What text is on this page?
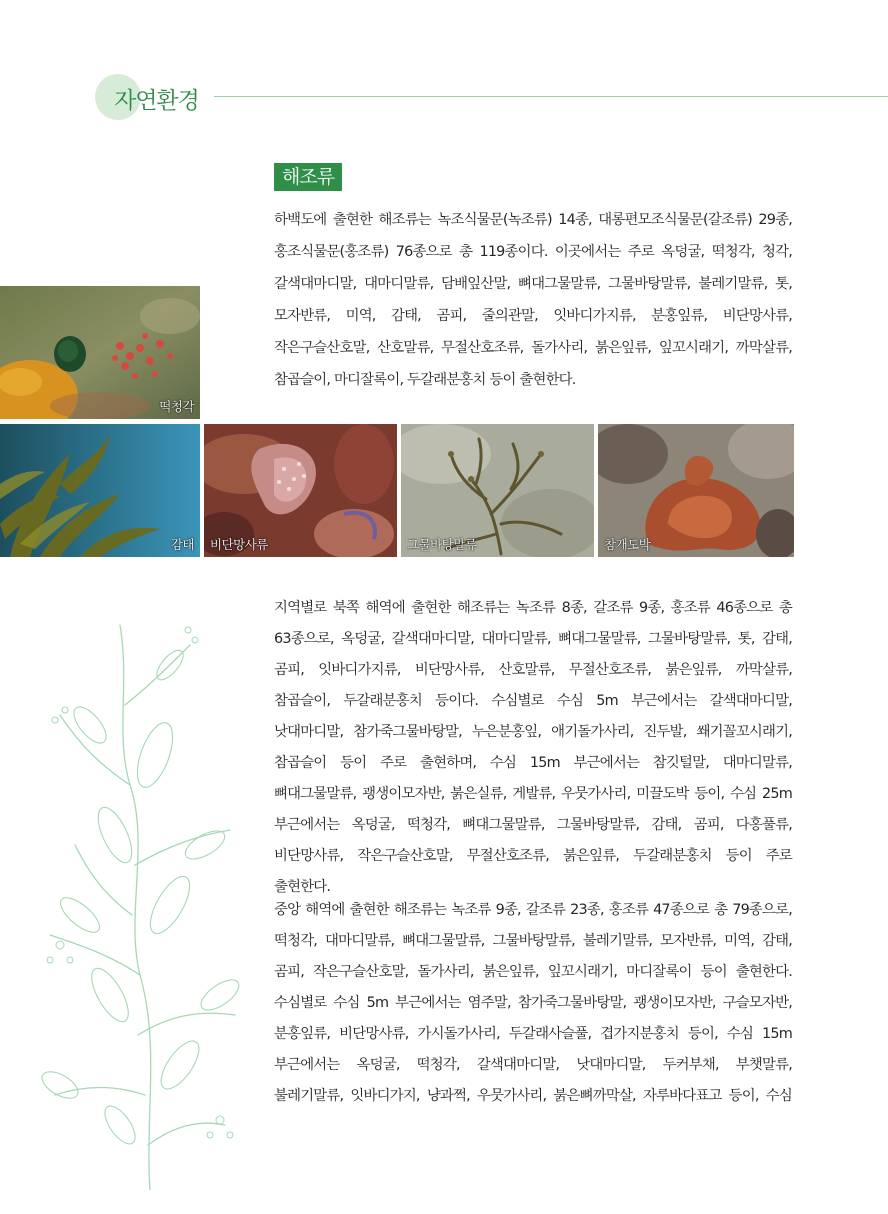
자연환경
해조류
하백도에 출현한 해조류는 녹조식물문(녹조류) 14종, 대롱편모조식물문(갈조류) 29종,
홍조식물문(홍조류) 76종으로 총 119종이다. 이곳에서는 주로 옥덩굴, 떡청각, 청각,
갈색대마디말, 대마디말류, 담배잎산말, 뼈대그물말류, 그물바탕말류, 불레기말류, 톳,
모자반류, 미역, 감태, 곰피, 줄의관말, 잇바디가지류, 분홍잎류, 비단망사류,
작은구슬산호말, 산호말류, 무절산호조류, 돌가사리, 붉은잎류, 잎꼬시래기, 까막살류,
참곱슬이, 마디잘록이, 두갈래분홍치 등이 출현한다.
떡청각
감태 비단망사류	그물바탕말류	참개도박
지역별로 북쪽 해역에 출현한 해조류는 녹조류 8종, 갈조류 9종, 홍조류 46종으로 총
63종으로, 옥덩굴, 갈색대마디말, 대마디말류, 뼈대그물말류, 그물바탕말류, 톳, 감태,
곰피, 잇바디가지류, 비단망사류, 산호말류, 무절산호조류, 붉은잎류, 까막살류,
참곱슬이, 두갈래분홍치 등이다. 수심별로 수심 5m 부근에서는 갈색대마디말,
낫대마디말, 참가죽그물바탕말, 누은분홍잎, 애기돌가사리, 진두발, 쐐기꼴꼬시래기,
참곱슬이 등이 주로 출현하며, 수심 15m 부근에서는 참깃털말, 대마디말류,
뼈대그물말류, 괭생이모자반, 붉은실류, 게발류, 우뭇가사리, 미끌도박 등이, 수심 25m
부근에서는 옥덩굴, 떡청각, 뼈대그물말류, 그물바탕말류, 감태, 곰피, 다홍풀류,
비단망사류, 작은구슬산호말, 무절산호조류, 붉은잎류, 두갈래분홍치 등이 주로
출현한다.
중앙 해역에 출현한 해조류는 녹조류 9종, 갈조류 23종, 홍조류 47종으로 총 79종으로,
떡청각, 대마디말류, 뼈대그물말류, 그물바탕말류, 불레기말류, 모자반류, 미역, 감태,
곰피, 작은구슬산호말, 돌가사리, 붉은잎류, 잎꼬시래기, 마디잘록이 등이 출현한다.
수심별로 수심 5m 부근에서는 염주말, 참가죽그물바탕말, 괭생이모자반, 구슬모자반,
분홍잎류, 비단망사류, 가시돌가사리, 두갈래사슬풀, 겹가지분홍치 등이, 수심 15m
부근에서는 옥덩굴, 떡청각, 갈색대마디말, 낫대마디말, 두커부채, 부챗말류,
불레기말류, 잇바디가지, 냥과쩍, 우뭇가사리, 붉은뼈까막살, 자루바다표고 등이, 수심
